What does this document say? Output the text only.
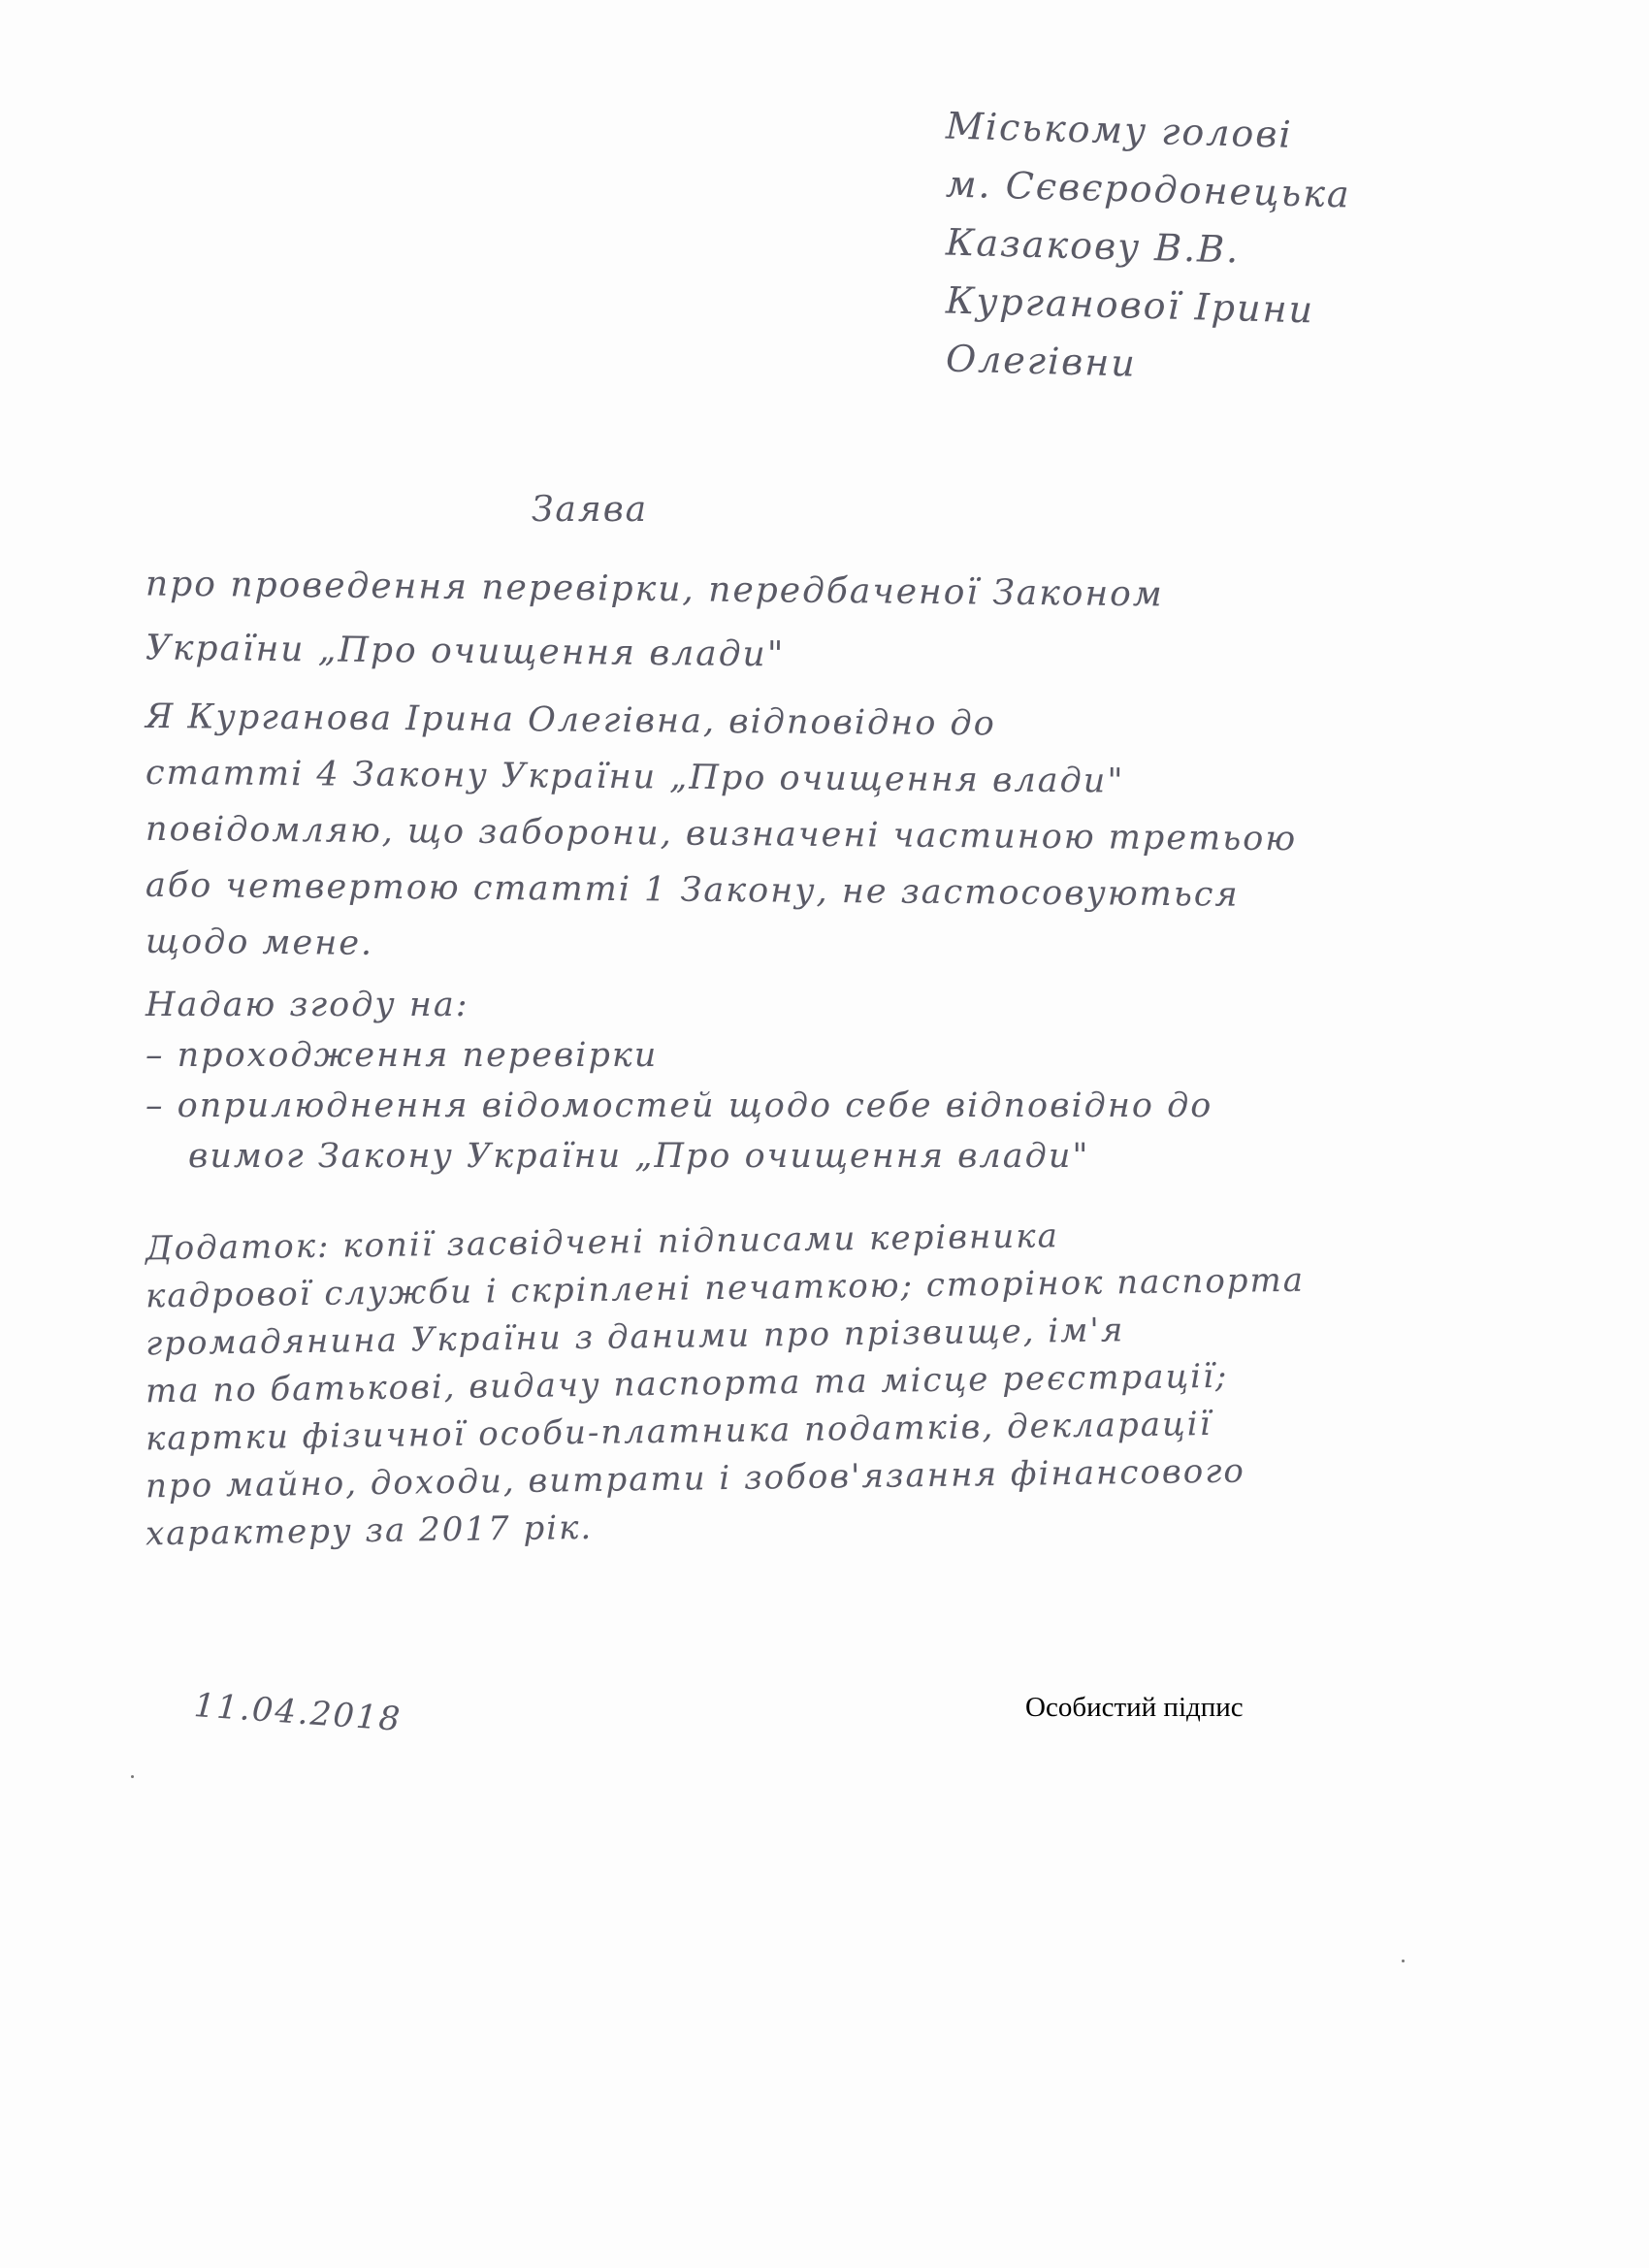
Міському голові
м. Сєвєродонецька
Казакову В.В.
Курганової Ірини
Олегівни
Заява
про проведення перевірки, передбаченої Законом
України „Про очищення влади"
Я Курганова Ірина Олегівна, відповідно до
статті 4 Закону України „Про очищення влади"
повідомляю, що заборони, визначені частиною третьою
або четвертою статті 1 Закону, не застосовуються
щодо мене.
Надаю згоду на:
– проходження перевірки
– оприлюднення відомостей щодо себе відповідно до
вимог Закону України „Про очищення влади"
Додаток: копії засвідчені підписами керівника
кадрової служби і скріплені печаткою; сторінок паспорта
громадянина України з даними про прізвище, ім'я
та по батькові, видачу паспорта та місце реєстрації;
картки фізичної особи-платника податків, декларації
про майно, доходи, витрати і зобов'язання фінансового
характеру за 2017 рік.
11.04.2018	Особистий підпис
